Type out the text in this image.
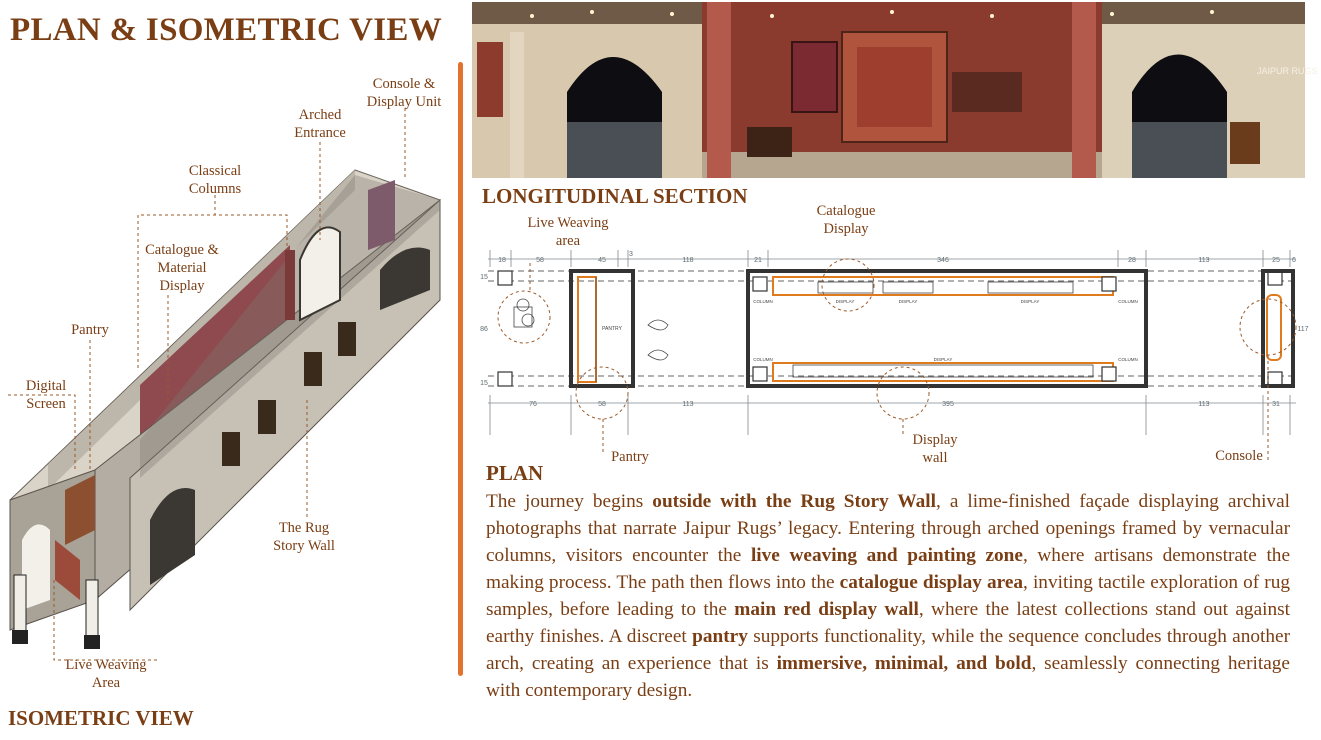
PLAN & ISOMETRIC VIEW
Console &
Display Unit
Arched
Entrance
Classical
Columns
Catalogue &
Material
Display
Pantry
Digital
Screen
The Rug
Story Wall
Live Weaving
Area
ISOMETRIC VIEW
JAIPUR RUGS
LONGITUDINAL SECTION
Live Weaving
area
Catalogue
Display
18	58	45
3
118	21	346	28	113	25 6
76	58	113	395	113	31
117
86
15
15
PANTRY
DISPLAY	DISPLAY	DISPLAY
DISPLAY
COLUMN	COLUMN
COLUMN	COLUMN
Pantry
Display
wall	Console
PLAN
The journey begins outside with the Rug Story Wall, a lime-finished façade displaying archival photographs that narrate Jaipur Rugs’ legacy. Entering through arched openings framed by vernacular columns, visitors encounter the live weaving and painting zone, where artisans demonstrate the making process. The path then flows into the catalogue display area, inviting tactile exploration of rug samples, before leading to the main red display wall, where the latest collections stand out against earthy finishes. A discreet pantry supports functionality, while the sequence concludes through another arch, creating an experience that is immersive, minimal, and bold, seamlessly connecting heritage with contemporary design.
